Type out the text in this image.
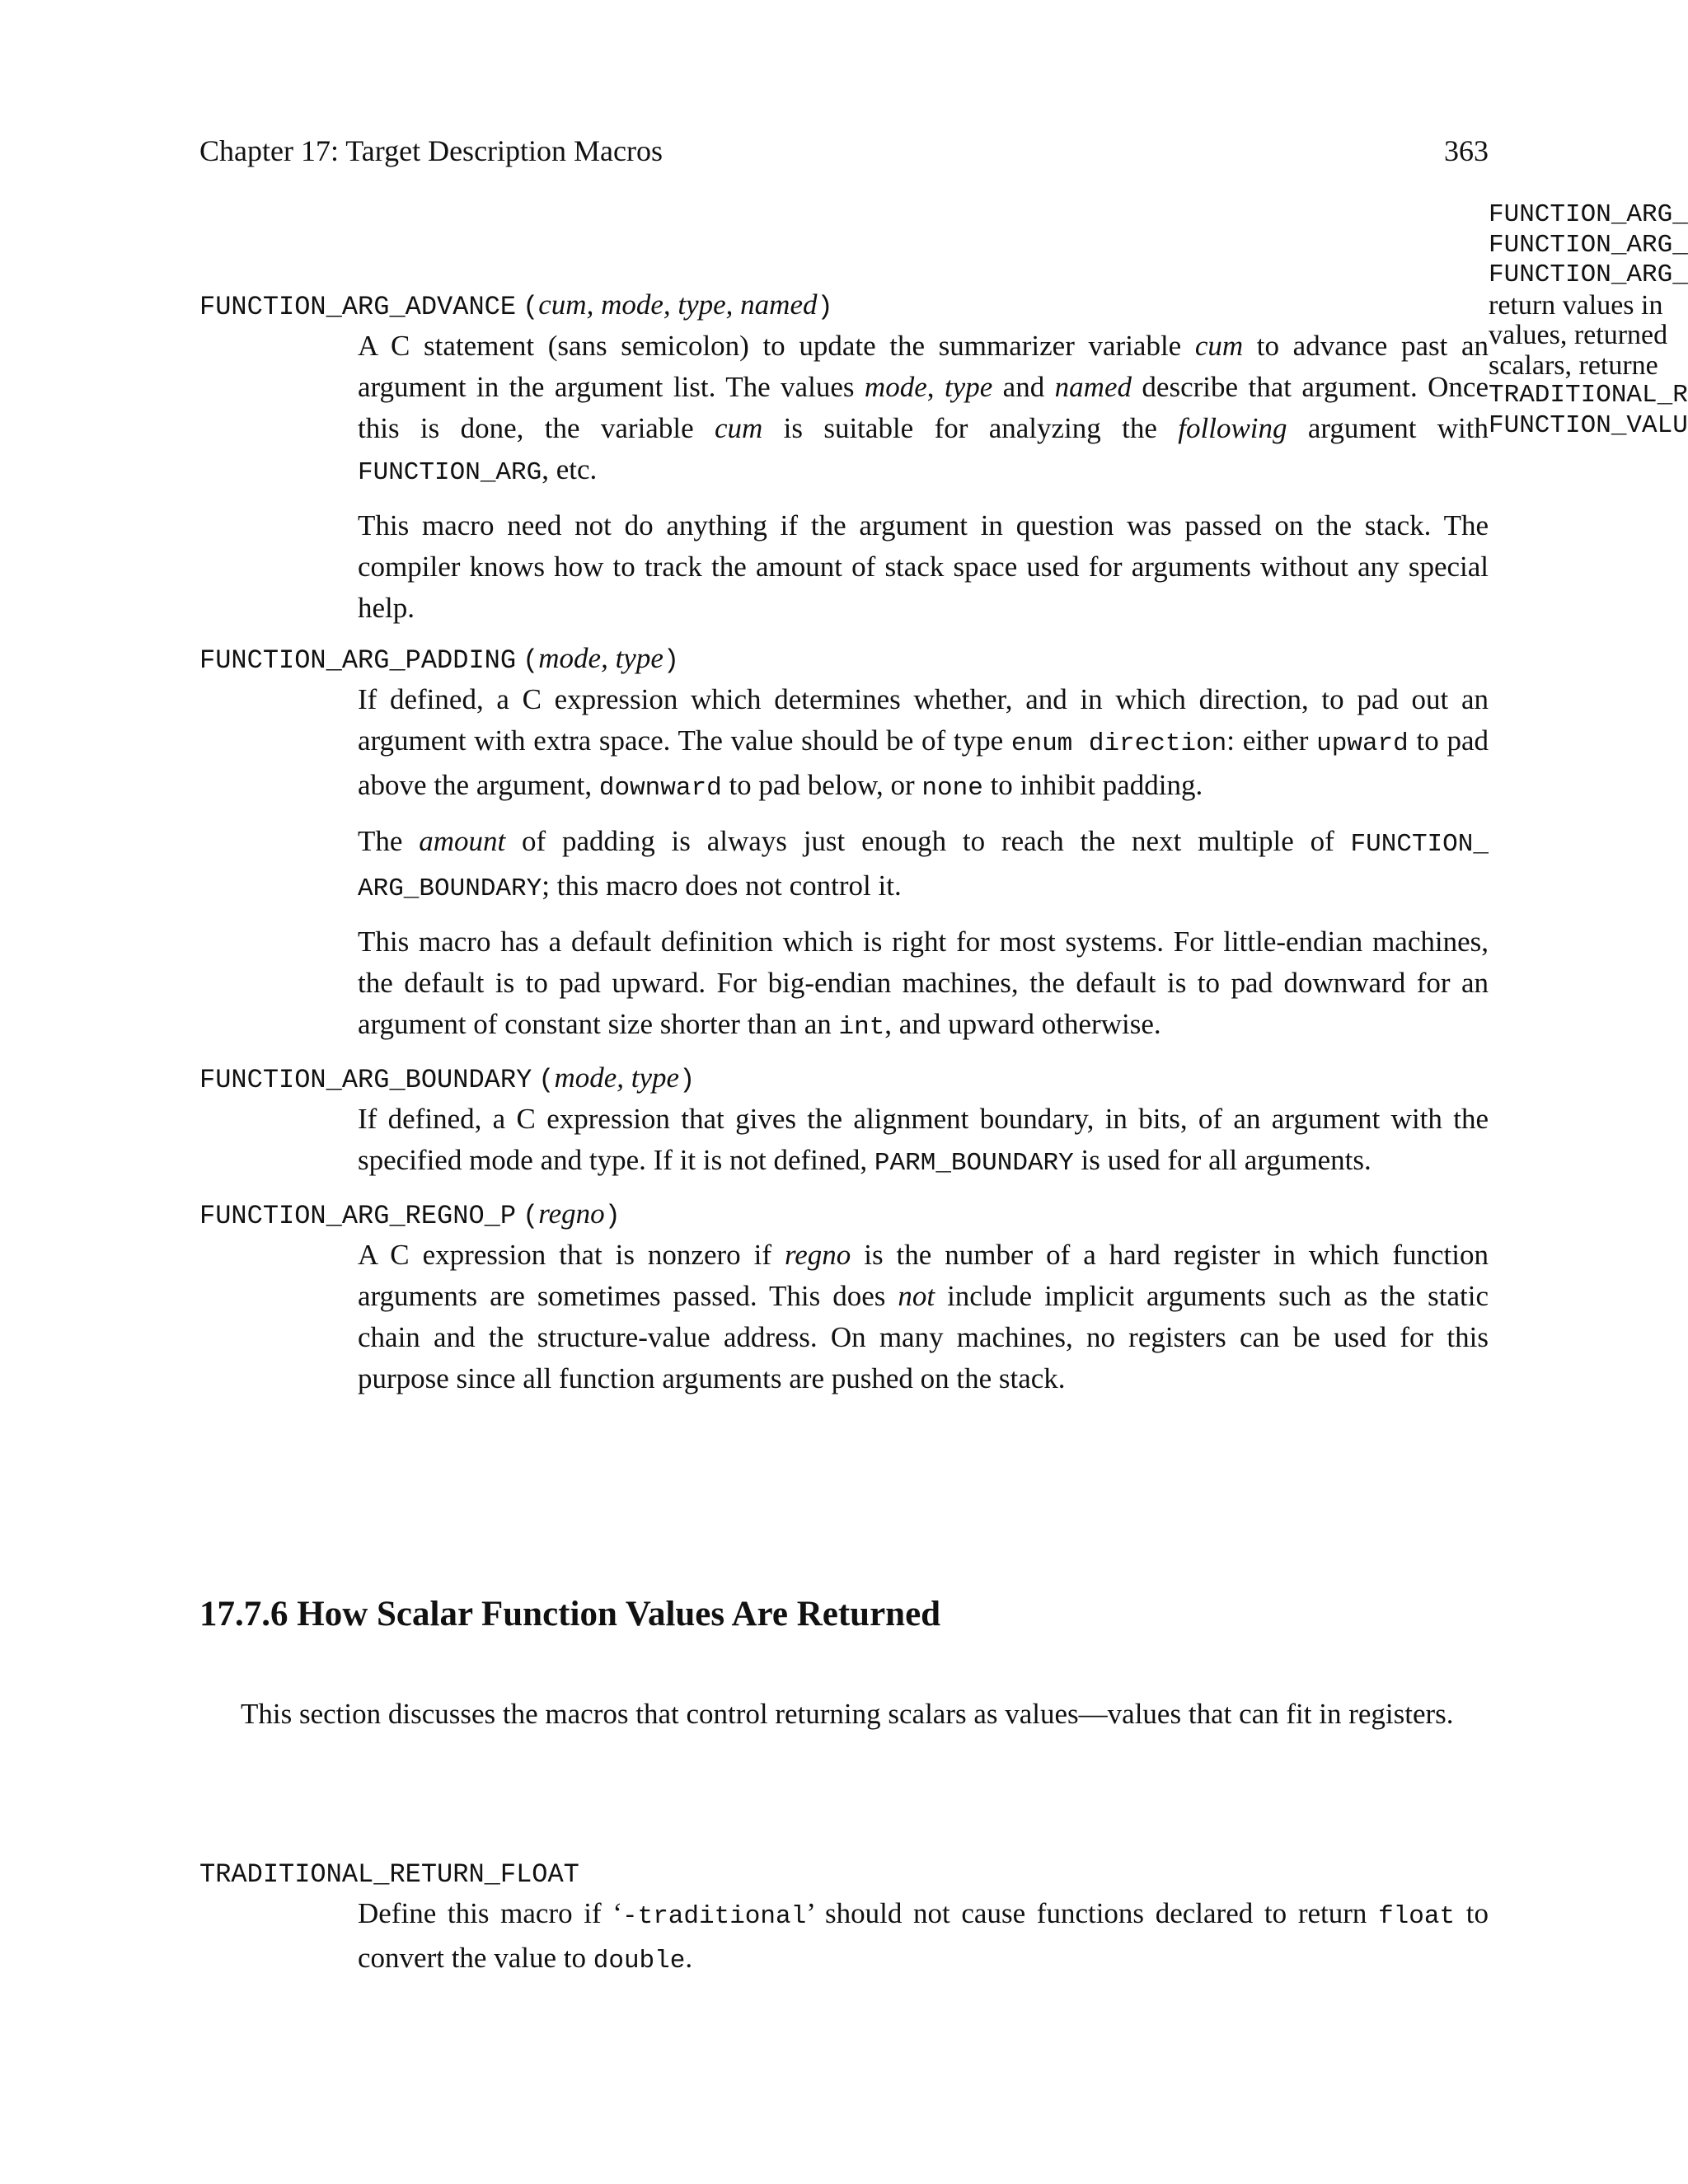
Chapter 17: Target Description Macros	363
FUNCTION_ARG_
FUNCTION_ARG_
FUNCTION_ARG_
return values in
values, returned
scalars, returne
TRADITIONAL_R
FUNCTION_VALU
FUNCTION_ARG_ADVANCE (cum, mode, type, named)

A C statement (sans semicolon) to update the summarizer variable cum to advance past an argument in the argument list. The values mode, type and named describe that argument. Once this is done, the variable cum is suitable for analyzing the following argument with FUNCTION_ARG, etc.

This macro need not do anything if the argument in question was passed on the stack. The compiler knows how to track the amount of stack space used for arguments without any special help.

FUNCTION_ARG_PADDING (mode, type)

If defined, a C expression which determines whether, and in which direction, to pad out an argument with extra space. The value should be of type enum direction: either upward to pad above the argument, downward to pad below, or none to inhibit padding.

The amount of padding is always just enough to reach the next multiple of FUNCTION_ ARG_BOUNDARY; this macro does not control it.

This macro has a default definition which is right for most systems. For little-endian machines, the default is to pad upward. For big-endian machines, the default is to pad downward for an argument of constant size shorter than an int, and upward otherwise.

FUNCTION_ARG_BOUNDARY (mode, type)

If defined, a C expression that gives the alignment boundary, in bits, of an argument with the specified mode and type. If it is not defined, PARM_BOUNDARY is used for all arguments.

FUNCTION_ARG_REGNO_P (regno)

A C expression that is nonzero if regno is the number of a hard register in which function arguments are sometimes passed. This does not include implicit arguments such as the static chain and the structure-value address. On many machines, no registers can be used for this purpose since all function arguments are pushed on the stack.

17.7.6 How Scalar Function Values Are Returned

This section discusses the macros that control returning scalars as values—values that can fit in registers.

TRADITIONAL_RETURN_FLOAT

Define this macro if ‘-traditional’ should not cause functions declared to return float to convert the value to double.
